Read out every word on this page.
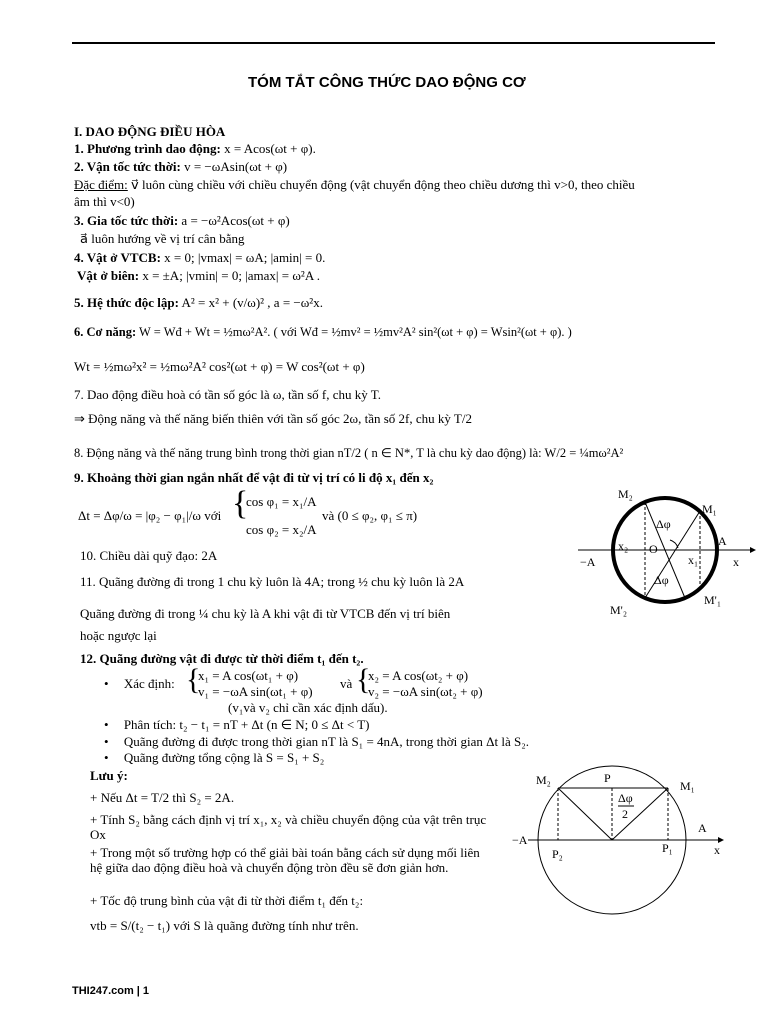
TÓM TẮT CÔNG THỨC DAO ĐỘNG CƠ
I. DAO ĐỘNG ĐIỀU HÒA
1. Phương trình dao động: x = Acos(ωt + φ).
2. Vận tốc tức thời: v = −ωAsin(ωt + φ)
Đặc điểm: v⃗ luôn cùng chiều với chiều chuyển động (vật chuyển động theo chiều dương thì v>0, theo chiều
âm thì v<0)
3. Gia tốc tức thời: a = −ω²Acos(ωt + φ)
a⃗ luôn hướng về vị trí cân bằng
4. Vật ở VTCB: x = 0; |vmax| = ωA; |amin| = 0.
Vật ở biên: x = ±A; |vmin| = 0; |amax| = ω²A .
5. Hệ thức độc lập: A² = x² + (v/ω)² , a = −ω²x.
6. Cơ năng: W = Wđ + Wt = ½mω²A². ( với Wđ = ½mv² = ½mv²A² sin²(ωt + φ) = Wsin²(ωt + φ). )
Wt = ½mω²x² = ½mω²A² cos²(ωt + φ) = W cos²(ωt + φ)
7. Dao động điều hoà có tần số góc là ω, tần số f, chu kỳ T.
⇒ Động năng và thế năng biến thiên với tần số góc 2ω, tần số 2f, chu kỳ T/2
8. Động năng và thế năng trung bình trong thời gian nT/2 ( n ∈ N*, T là chu kỳ dao động) là: W/2 = ¼mω²A²
9. Khoảng thời gian ngắn nhất để vật đi từ vị trí có li độ x₁ đến x₂
Δt = Δφ/ω = |φ₂ − φ₁|/ω với {
cos φ₁ = x₁/A
cos φ₂ = x₂/A
và (0 ≤ φ₂, φ₁ ≤ π)
10. Chiều dài quỹ đạo: 2A
11. Quãng đường đi trong 1 chu kỳ luôn là 4A; trong ½ chu kỳ luôn là 2A
Quãng đường đi trong ¼ chu kỳ là A khi vật đi từ VTCB đến vị trí biên
hoặc ngược lại
12. Quãng đường vật đi được từ thời điểm t₁ đến t₂.
• Xác định: {
x₁ = A cos(ωt₁ + φ)
v₁ = −ωA sin(ωt₁ + φ)
và {
x₂ = A cos(ωt₂ + φ)
v₂ = −ωA sin(ωt₂ + φ)
(v₁và v₂ chỉ cần xác định dấu).
• Phân tích: t₂ − t₁ = nT + Δt (n ∈ N; 0 ≤ Δt < T)
• Quãng đường đi được trong thời gian nT là S₁ = 4nA, trong thời gian Δt là S₂.
• Quãng đường tổng cộng là S = S₁ + S₂
Lưu ý:
+ Nếu Δt = T/2 thì S₂ = 2A.
+ Tính S₂ bằng cách định vị trí x₁, x₂ và chiều chuyển động của vật trên trục Ox
+ Trong một số trường hợp có thể giải bài toán bằng cách sử dụng mối liên hệ giữa dao động điều hoà và chuyển động tròn đều sẽ đơn giản hơn.
+ Tốc độ trung bình của vật đi từ thời điểm t₁ đến t₂:
vtb = S/(t₂ − t₁) với S là quãng đường tính như trên.
M₂
M₁
M'₂
M'₁
A
−A	x
O
x₁
x₂
Δφ
Δφ
M₂	M₁
P
P₁
P₂
A
−A
x
Δφ
2
THI247.com | 1
